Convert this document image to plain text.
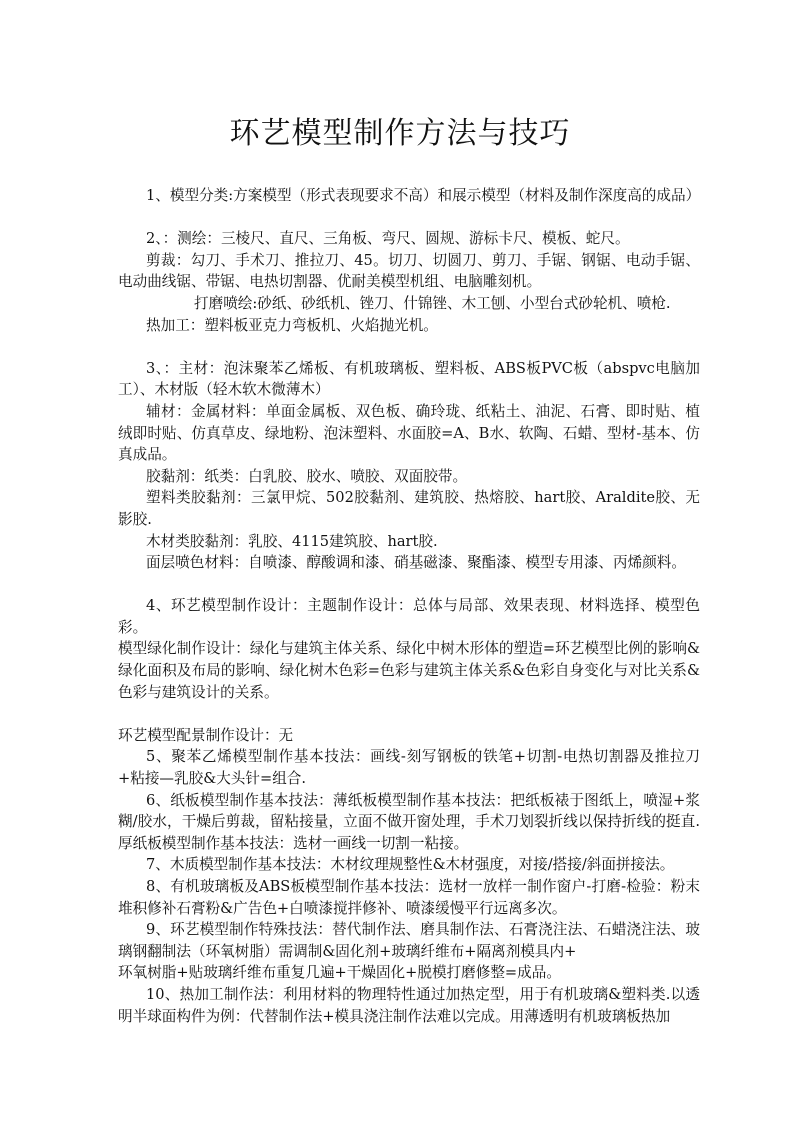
环艺模型制作方法与技巧

1、模型分类:方案模型（形式表现要求不高）和展示模型（材料及制作深度高的成品）

2、：测绘：三棱尺、直尺、三角板、弯尺、圆规、游标卡尺、模板、蛇尺。

剪裁：勾刀、手术刀、推拉刀、45。切刀、切圆刀、剪刀、手锯、钢锯、电动手锯、电动曲线锯、带锯、电热切割器、优耐美模型机组、电脑雕刻机。

打磨喷绘:砂纸、砂纸机、锉刀、什锦锉、木工刨、小型台式砂轮机、喷枪.

热加工：塑料板亚克力弯板机、火焰抛光机。

3、：主材：泡沫聚苯乙烯板、有机玻璃板、塑料板、ABS板PVC板（abspvc电脑加工）、木材版（轻木软木微薄木）

辅材：金属材料：单面金属板、双色板、确玲珑、纸粘土、油泥、石膏、即时贴、植绒即时贴、仿真草皮、绿地粉、泡沫塑料、水面胶=A、B水、软陶、石蜡、型材-基本、仿真成品。

胶黏剂：纸类：白乳胶、胶水、喷胶、双面胶带。

塑料类胶黏剂：三氯甲烷、502胶黏剂、建筑胶、热熔胶、hart胶、Araldite胶、无影胶.

木材类胶黏剂：乳胶、4115建筑胶、hart胶.

面层喷色材料：自喷漆、醇酸调和漆、硝基磁漆、聚酯漆、模型专用漆、丙烯颜料。

4、环艺模型制作设计：主题制作设计：总体与局部、效果表现、材料选择、模型色彩。

模型绿化制作设计：绿化与建筑主体关系、绿化中树木形体的塑造=环艺模型比例的影响&绿化面积及布局的影响、绿化树木色彩=色彩与建筑主体关系&色彩自身变化与对比关系&色彩与建筑设计的关系。

环艺模型配景制作设计：无

5、聚苯乙烯模型制作基本技法：画线-刻写钢板的铁笔+切割-电热切割器及推拉刀+粘接—乳胶&大头针=组合.

6、纸板模型制作基本技法：薄纸板模型制作基本技法：把纸板裱于图纸上，喷湿+浆糊/胶水，干燥后剪裁，留粘接量，立面不做开窗处理，手术刀划裂折线以保持折线的挺直.厚纸板模型制作基本技法：选材一画线一切割一粘接。

7、木质模型制作基本技法：木材纹理规整性&木材强度，对接/搭接/斜面拼接法。

8、有机玻璃板及ABS板模型制作基本技法：选材一放样一制作窗户-打磨-检验：粉末堆积修补石膏粉&广告色+白喷漆搅拌修补、喷漆缓慢平行远离多次。

9、环艺模型制作特殊技法：替代制作法、磨具制作法、石膏浇注法、石蜡浇注法、玻璃钢翻制法（环氧树脂）需调制&固化剂+玻璃纤维布+隔离剂模具内+

环氧树脂+贴玻璃纤维布重复几遍+干燥固化+脱模打磨修整=成品。

10、热加工制作法：利用材料的物理特性通过加热定型，用于有机玻璃&塑料类.以透明半球面构件为例：代替制作法+模具浇注制作法难以完成。用薄透明有机玻璃板热加
